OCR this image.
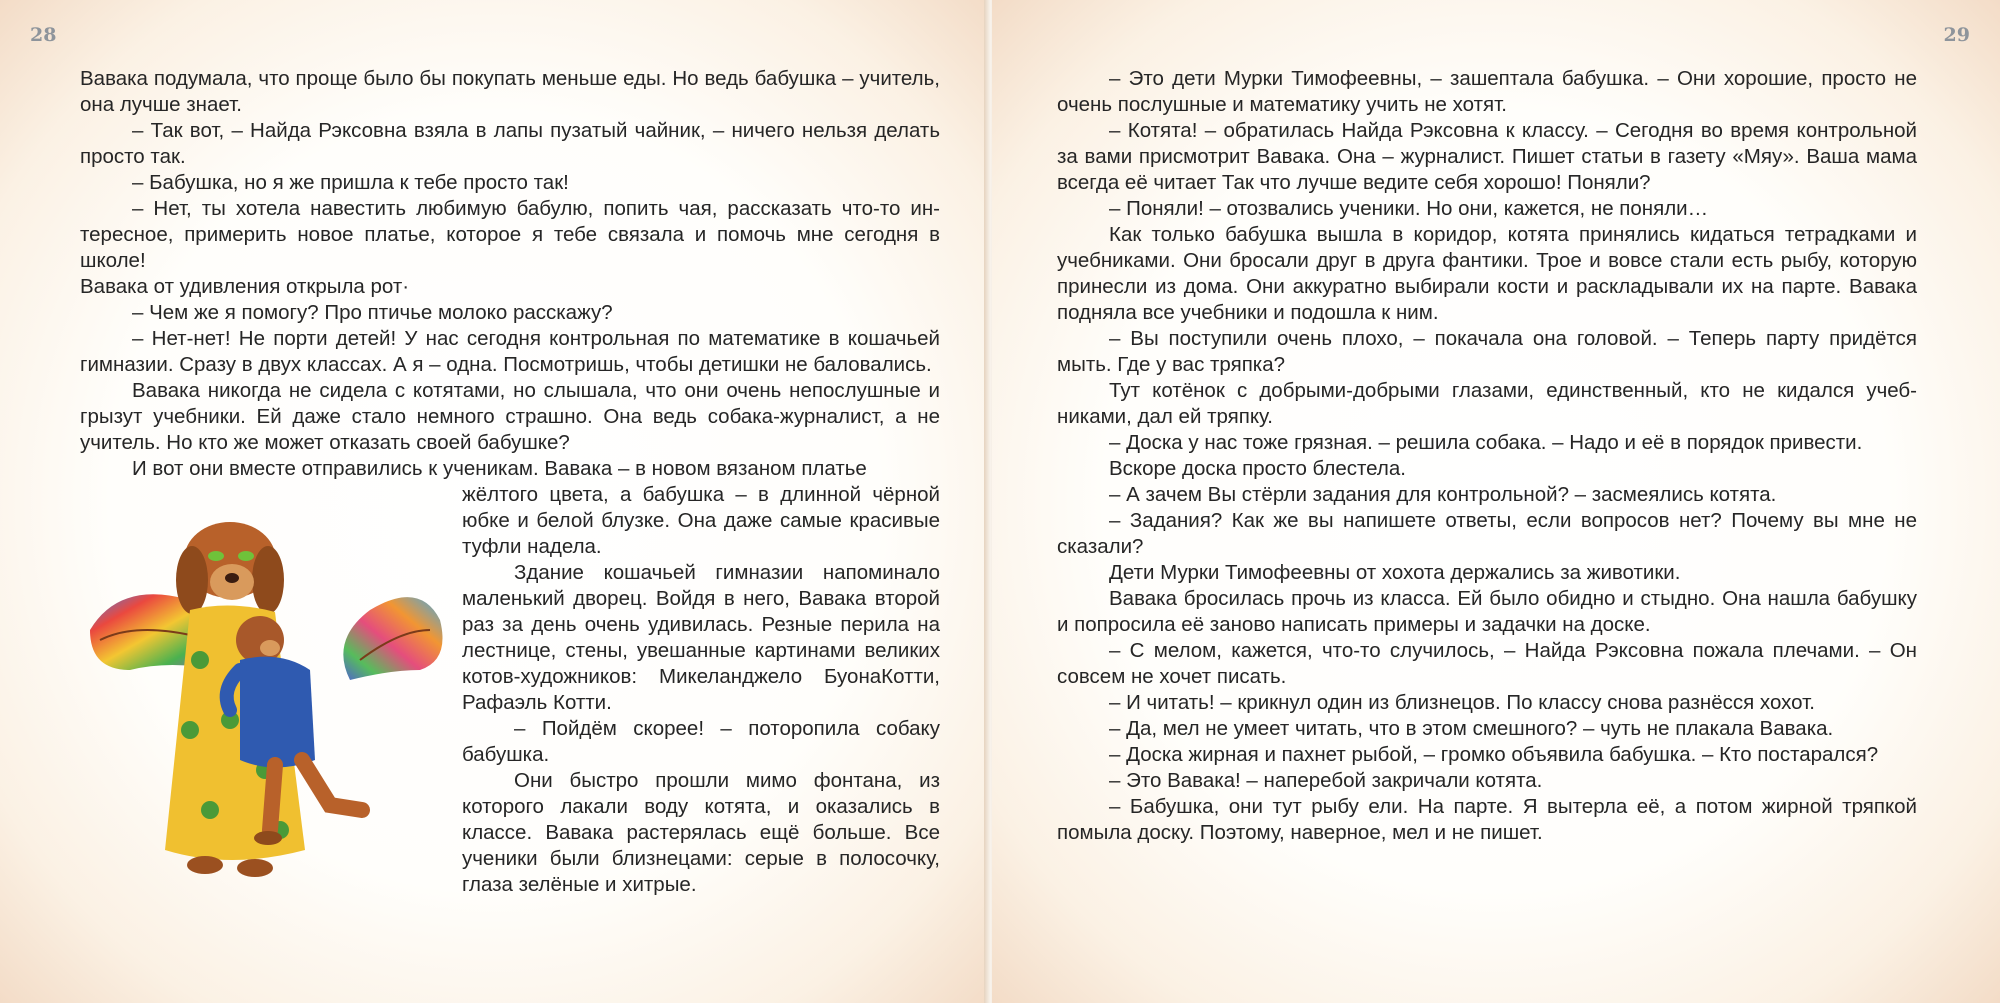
28

Вавака подумала, что проще было бы покупать меньше еды. Но ведь бабушка – учитель, она лучше знает.

– Так вот, – Найда Рэксовна взяла в лапы пузатый чайник, – ничего нельзя делать просто так.

– Бабушка, но я же пришла к тебе просто так!

– Нет, ты хотела навестить любимую бабулю, попить чая, рассказать что-то интересное, примерить новое платье, которое я тебе связала и помочь мне сегодня в школе!

Вавака от удивления открыла рот·

– Чем же я помогу? Про птичье молоко расскажу?

– Нет-нет! Не порти детей! У нас сегодня контрольная по математике в кошачьей гимназии. Сразу в двух классах. А я – одна. Посмотришь, чтобы детишки не баловались.

Вавака никогда не сидела с котятами, но слышала, что они очень непослушные и грызут учебники. Ей даже стало немного страшно. Она ведь собака-журналист, а не учитель. Но кто же может отказать своей бабушке?

И вот они вместе отправились к ученикам. Вавака – в новом вязаном платье

жёлтого цвета, а бабушка – в длинной чёрной юбке и белой блузке. Она даже самые красивые туфли надела.

Здание кошачьей гимназии напоминало маленький дворец. Войдя в него, Вавака второй раз за день очень удивилась. Резные перила на лестнице, стены, увешанные картинами великих котов-художников: Микеланджело БуонаКотти, Рафаэль Котти.

– Пойдём скорее! – поторопила собаку бабушка.

Они быстро прошли мимо фонтана, из которого лакали воду котята, и оказались в классе. Вавака растерялась ещё больше. Все ученики были близнецами: серые в полосочку, глаза зелёные и хитрые.

29

– Это дети Мурки Тимофеевны, – зашептала бабушка. – Они хорошие, просто не очень послушные и математику учить не хотят.

– Котята! – обратилась Найда Рэксовна к классу. – Сегодня во время контрольной за вами присмотрит Вавака. Она – журналист. Пишет статьи в газету «Мяу». Ваша мама всегда её читает Так что лучше ведите себя хорошо! Поняли?

– Поняли! – отозвались ученики. Но они, кажется, не поняли…

Как только бабушка вышла в коридор, котята принялись кидаться тетрадками и учебниками. Они бросали друг в друга фантики. Трое и вовсе стали есть рыбу, которую принесли из дома. Они аккуратно выбирали кости и раскладывали их на парте. Вавака подняла все учебники и подошла к ним.

– Вы поступили очень плохо, – покачала она головой. – Теперь парту придётся мыть. Где у вас тряпка?

Тут котёнок с добрыми-добрыми глазами, единственный, кто не кидался учебниками, дал ей тряпку.

– Доска у нас тоже грязная. – решила собака. – Надо и её в порядок привести.

Вскоре доска просто блестела.

– А зачем Вы стёрли задания для контрольной? – засмеялись котята.

– Задания? Как же вы напишете ответы, если вопросов нет? Почему вы мне не сказали?

Дети Мурки Тимофеевны от хохота держались за животики.

Вавака бросилась прочь из класса. Ей было обидно и стыдно. Она нашла бабушку и попросила её заново написать примеры и задачки на доске.

– С мелом, кажется, что-то случилось, – Найда Рэксовна пожала плечами. – Он совсем не хочет писать.

– И читать! – крикнул один из близнецов. По классу снова разнёсся хохот.

– Да, мел не умеет читать, что в этом смешного? – чуть не плакала Вавака.

– Доска жирная и пахнет рыбой, – громко объявила бабушка. – Кто постарался?

– Это Вавака! – наперебой закричали котята.

– Бабушка, они тут рыбу ели. На парте. Я вытерла её, а потом жирной тряпкой помыла доску. Поэтому, наверное, мел и не пишет.
